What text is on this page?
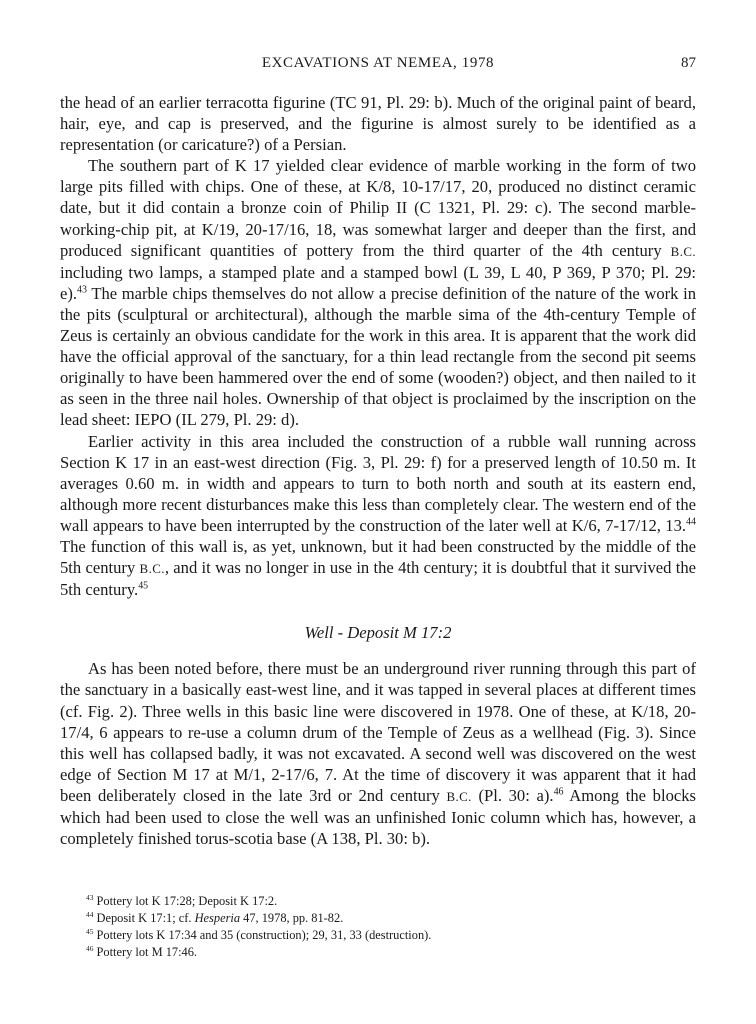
EXCAVATIONS AT NEMEA, 1978	87

the head of an earlier terracotta figurine (TC 91, Pl. 29: b). Much of the original paint of beard, hair, eye, and cap is preserved, and the figurine is almost surely to be identified as a representation (or caricature?) of a Persian.

The southern part of K 17 yielded clear evidence of marble working in the form of two large pits filled with chips. One of these, at K/8, 10-17/17, 20, produced no distinct ceramic date, but it did contain a bronze coin of Philip II (C 1321, Pl. 29: c). The second marble-working-chip pit, at K/19, 20-17/16, 18, was somewhat larger and deeper than the first, and produced significant quantities of pottery from the third quarter of the 4th century B.C. including two lamps, a stamped plate and a stamped bowl (L 39, L 40, P 369, P 370; Pl. 29: e).$^{43}$ The marble chips themselves do not allow a precise definition of the nature of the work in the pits (sculptural or architectural), although the marble sima of the 4th-century Temple of Zeus is certainly an obvious candidate for the work in this area. It is apparent that the work did have the official approval of the sanctuary, for a thin lead rectangle from the second pit seems originally to have been hammered over the end of some (wooden?) object, and then nailed to it as seen in the three nail holes. Ownership of that object is proclaimed by the inscription on the lead sheet: IEPO (IL 279, Pl. 29: d).

Earlier activity in this area included the construction of a rubble wall running across Section K 17 in an east-west direction (Fig. 3, Pl. 29: f) for a preserved length of 10.50 m. It averages 0.60 m. in width and appears to turn to both north and south at its eastern end, although more recent disturbances make this less than completely clear. The western end of the wall appears to have been interrupted by the construction of the later well at K/6, 7-17/12, 13.44 The function of this wall is, as yet, unknown, but it had been constructed by the middle of the 5th century B.C., and it was no longer in use in the 4th century; it is doubtful that it survived the 5th century.$^{45}$

Well - Deposit M 17:2

As has been noted before, there must be an underground river running through this part of the sanctuary in a basically east-west line, and it was tapped in several places at different times (cf. Fig. 2). Three wells in this basic line were discovered in 1978. One of these, at K/18, 20-17/4, 6 appears to re-use a column drum of the Temple of Zeus as a wellhead (Fig. 3). Since this well has collapsed badly, it was not excavated. A second well was discovered on the west edge of Section M 17 at M/1, 2-17/6, 7. At the time of discovery it was apparent that it had been deliberately closed in the late 3rd or 2nd century B.C. (Pl. 30: a).$^{46}$ Among the blocks which had been used to close the well was an unfinished Ionic column which has, however, a completely finished torus-scotia base (A 138, Pl. 30: b).

$^{43}$ Pottery lot K 17:28; Deposit K 17:2.
$^{44}$ Deposit K 17:1; cf. Hesperia 47, 1978, pp. 81-82.
$^{45}$ Pottery lots K 17:34 and 35 (construction); 29, 31, 33 (destruction).
$^{46}$ Pottery lot M 17:46.
